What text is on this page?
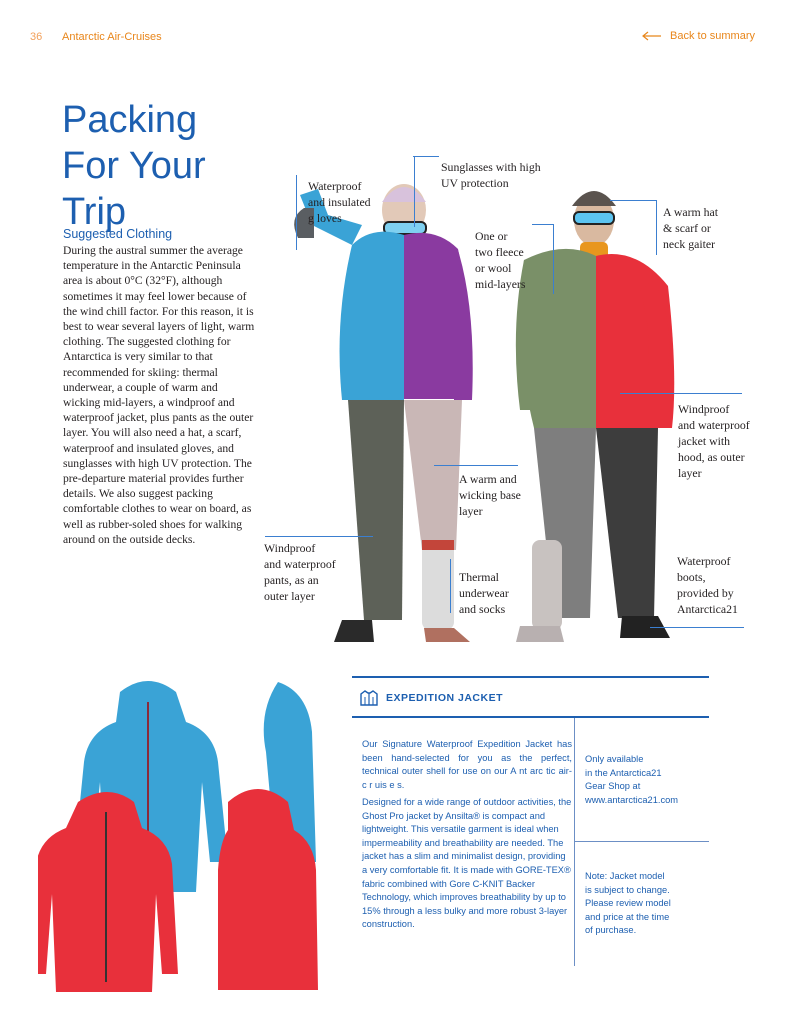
36 Antarctic Air-Cruises	Back to summary
Packing For Your Trip
Suggested Clothing
During the austral summer the average temperature in the Antarctic Peninsula area is about 0°C (32°F), although sometimes it may feel lower because of the wind chill factor. For this reason, it is best to wear several layers of light, warm clothing. The suggested clothing for Antarctica is very similar to that recommended for skiing: thermal underwear, a couple of warm and wicking mid-layers, a windproof and waterproof jacket, plus pants as the outer layer. You will also need a hat, a scarf, waterproof and insulated gloves, and sunglasses with high UV protection. The pre-departure material provides further details. We also suggest packing comfortable clothes to wear on board, as well as rubber-soled shoes for walking around on the outside decks.
Waterproof
and insulated
g loves
Sunglasses with high
UV protection
One or
two fleece
or wool
mid-layers
A warm hat
& scarf or
neck gaiter
Windproof
and waterproof
jacket with
hood, as outer
layer
A warm and
wicking base
layer
Windproof
and waterproof
pants, as an
outer layer
Thermal
underwear
and socks
Waterproof
boots,
provided by
Antarctica21
EXPEDITION JACKET
Our Signature Waterproof Expedition Jacket has been hand-selected for you as the perfect, technical outer shell for use on our A nt arc tic air- c r uis e s.
Designed for a wide range of outdoor activities, the Ghost Pro jacket by Ansilta® is compact and lightweight. This versatile garment is ideal when impermeability and breathability are needed. The jacket has a slim and minimalist design, providing a very comfortable fit. It is made with GORE-TEX® fabric combined with Gore C-KNIT Backer Technology, which improves breathability by up to 15% through a less bulky and more robust 3-layer construction.
Only available
in the Antarctica21
Gear Shop at
www.antarctica21.com
Note: Jacket model
is subject to change.
Please review model
and price at the time
of purchase.
